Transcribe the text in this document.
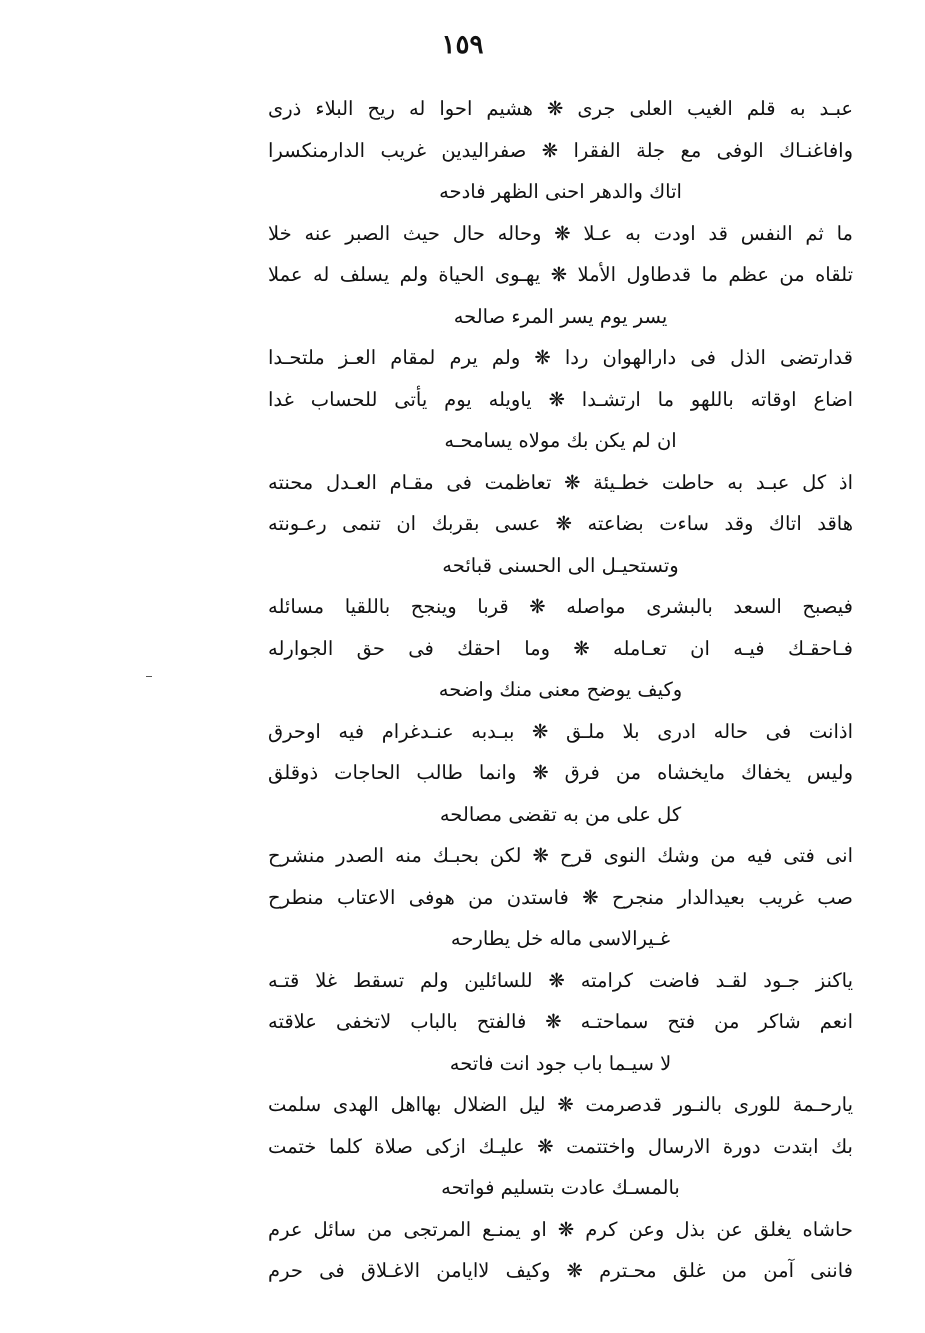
١٥٩
عبـد به قلم الغيب العلى جرى ❋ هشيم احوا له ريح البلاء ذرى
وافاغنـاك الوفى مع جلة الفقرا ❋ صفراليدين غريب الدارمنكسرا
اتاك والدهر احنى الظهر فادحه
ما ثم النفس قد اودت به عـلا ❋ وحاله حال حيث الصبر عنه خلا
تلقاه من عظم ما قدطاول الأملا ❋ يهـوى الحياة ولم يسلف له عملا
يسر يوم يسر المرء صالحه
قدارتضى الذل فى دارالهوان ردا ❋ ولم يرم لمقام العـز ملتحـدا
اضاع اوقاته باللهو ما ارتشـدا ❋ ياويله يوم يأتى للحساب غدا
ان لم يكن بك مولاه يسامحـه
اذ كل عبـد به حاطت خطـيئة ❋ تعاظمت فى مقـام العـدل محنته
هاقد اتاك وقد ساءت بضاعته ❋ عسى بقربك ان تنمى رعـونته
وتستحيـل الى الحسنى قبائحه
فيصبح السعد بالبشرى مواصله ❋ قربا وينجح باللقيا مسائله
فـاحقـك فيـه ان تعـامله ❋ وما احقك فى حق الجوارله
وكيف يوضح معنى منك واضحه
اذانت فى حاله ادرى بلا ملـق ❋ ببـدبه عنـدغرام فيه اوحرق
وليس يخفاك مايخشاه من فرق ❋ وانما طالب الحاجات ذوقلق
كل على من به تقضى مصالحه
انى فتى فيه من وشك النوى قرح ❋ لكن بحبـك منه الصدر منشرح
صب غريب بعيدالدار منجرح ❋ فاستدن من هوفى الاعتاب منطرح
غـيرالاسى ماله خل يطارحه
ياكنز جـود لقـد فاضت كرامته ❋ للسائلين ولم تسقط غلا قتـه
انعم شاكر من فتح سماحتـه ❋ فالفتح بالباب لاتخفى علاقته
لا سيـما باب جود انت فاتحه
يارحـمة للورى بالنـور قدصرمت ❋ ليل الضلال بهااهل الهدى سلمت
بك ابتدت دورة الارسال واختتمت ❋ عليـك ازكى صلاة كلما ختمت
بالمسـك عادت بتسليم فواتحه
حاشاه يغلق عن بذل وعن كرم ❋ او يمنـع المرتجى من سائل عرم
فاننى آمن من غلق محـترم ❋ وكيف لاايامن الاغـلاق فى حرم
